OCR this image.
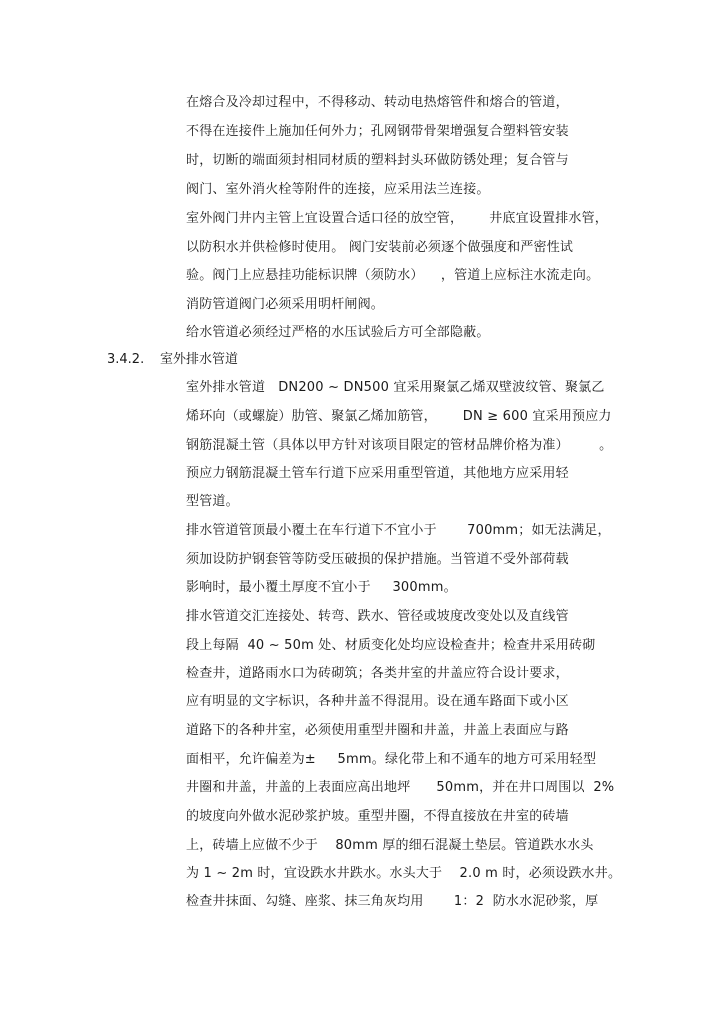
在熔合及冷却过程中，不得移动、转动电热熔管件和熔合的管道，
不得在连接件上施加任何外力；孔网钢带骨架增强复合塑料管安装
时，切断的端面须封相同材质的塑料封头环做防锈处理；复合管与
阀门、室外消火栓等附件的连接，应采用法兰连接。
室外阀门井内主管上宜设置合适口径的放空管，      井底宜设置排水管，
以防积水并供检修时使用。 阀门安装前必须逐个做强度和严密性试
验。阀门上应悬挂功能标识牌（须防水）    ，管道上应标注水流走向。
消防管道阀门必须采用明杆闸阀。
给水管道必须经过严格的水压试验后方可全部隐蔽。
3.4.2. 室外排水管道
室外排水管道   DN200 ~ DN500 宜采用聚氯乙烯双壁波纹管、聚氯乙
烯环向（或螺旋）肋管、聚氯乙烯加筋管，      DN ≥ 600 宜采用预应力
钢筋混凝土管（具体以甲方针对该项目限定的管材品牌价格为准）       。
预应力钢筋混凝土管车行道下应采用重型管道，其他地方应采用轻
型管道。
排水管道管顶最小覆土在车行道下不宜小于       700mm；如无法满足，
须加设防护钢套管等防受压破损的保护措施。当管道不受外部荷载
影响时，最小覆土厚度不宜小于     300mm。
排水管道交汇连接处、转弯、跌水、管径或坡度改变处以及直线管
段上每隔  40 ~ 50m 处、材质变化处均应设检查井；检查井采用砖砌
检查井，道路雨水口为砖砌筑；各类井室的井盖应符合设计要求，
应有明显的文字标识，各种井盖不得混用。设在通车路面下或小区
道路下的各种井室，必须使用重型井圈和井盖，井盖上表面应与路
面相平，允许偏差为±     5mm。绿化带上和不通车的地方可采用轻型
井圈和井盖，井盖的上表面应高出地坪      50mm，并在井口周围以  2%
的坡度向外做水泥砂浆护坡。重型井圈，不得直接放在井室的砖墙
上，砖墙上应做不少于    80mm 厚的细石混凝土垫层。管道跌水水头
为 1 ~ 2m 时，宜设跌水井跌水。水头大于    2.0 m 时，必须设跌水井。
检查井抹面、勾缝、座浆、抹三角灰均用       1：2  防水水泥砂浆，厚
